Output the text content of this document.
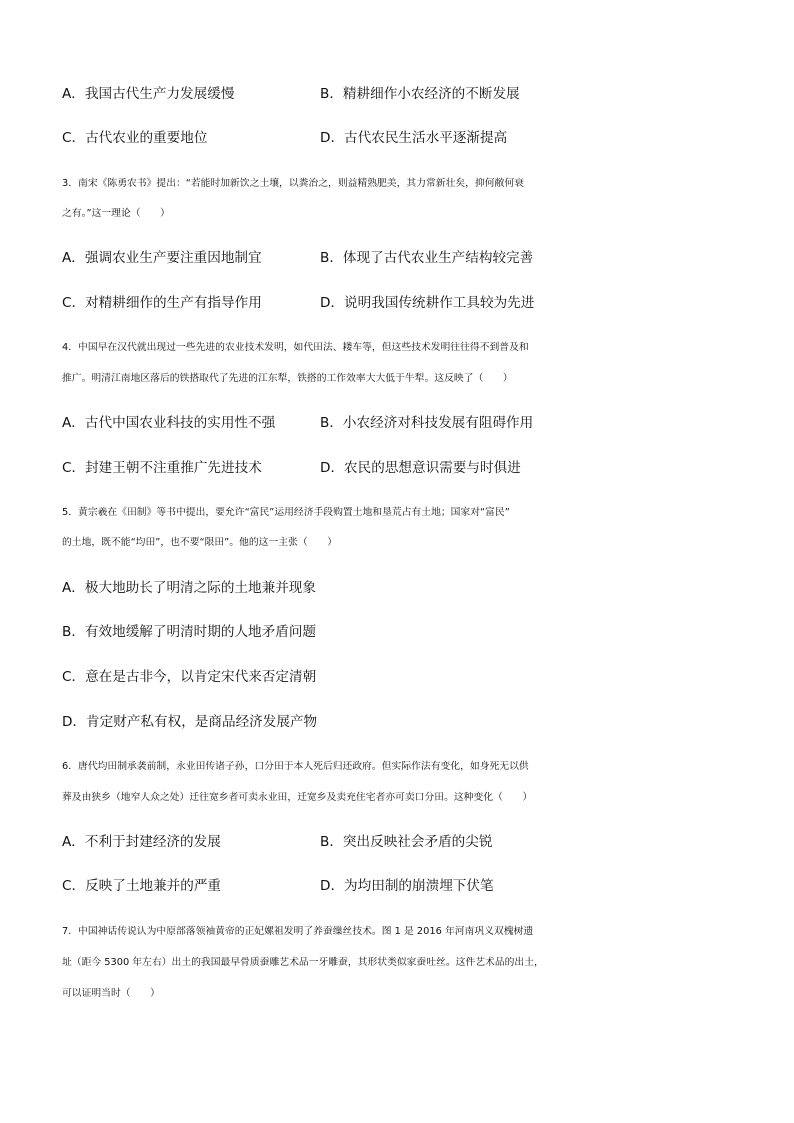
A．我国古代生产力发展缓慢	B．精耕细作小农经济的不断发展
C．古代农业的重要地位	D．古代农民生活水平逐渐提高
3．南宋《陈勇农书》提出：“若能时加新饮之土壤，以粪治之，则益精熟肥美，其力常新壮矣，抑何敝何衰
之有。”这一理论（　　）
A．强调农业生产要注重因地制宜	B．体现了古代农业生产结构较完善
C．对精耕细作的生产有指导作用	D．说明我国传统耕作工具较为先进
4．中国早在汉代就出现过一些先进的农业技术发明，如代田法、耧车等，但这些技术发明往往得不到普及和
推广。明清江南地区落后的铁搭取代了先进的江东犁，铁搭的工作效率大大低于牛犁。这反映了（　　）
A．古代中国农业科技的实用性不强	B．小农经济对科技发展有阻碍作用
C．封建王朝不注重推广先进技术	D．农民的思想意识需要与时俱进
5．黄宗羲在《田制》等书中提出，要允许“富民”运用经济手段购置土地和垦荒占有土地；国家对“富民”
的土地，既不能“均田”，也不要“限田”。他的这一主张（　　）
A．极大地助长了明清之际的土地兼并现象
B．有效地缓解了明清时期的人地矛盾问题
C．意在是古非今，以肯定宋代来否定清朝
D．肯定财产私有权，是商品经济发展产物
6．唐代均田制承袭前制，永业田传诸子孙，口分田于本人死后归还政府。但实际作法有变化，如身死无以供
葬及由狭乡（地窄人众之处）迁往宽乡者可卖永业田，迁宽乡及卖充住宅者亦可卖口分田。这种变化（　　）
A．不利于封建经济的发展	B．突出反映社会矛盾的尖锐
C．反映了土地兼并的严重	D．为均田制的崩溃埋下伏笔
7．中国神话传说认为中原部落领袖黄帝的正妃嫘祖发明了养蚕缫丝技术。图 1 是 2016 年河南巩义双槐树遗
址（距今 5300 年左右）出土的我国最早骨质蚕雕艺术品一牙雕蚕，其形状类似家蚕吐丝。这件艺术品的出土，
可以证明当时（　　）
